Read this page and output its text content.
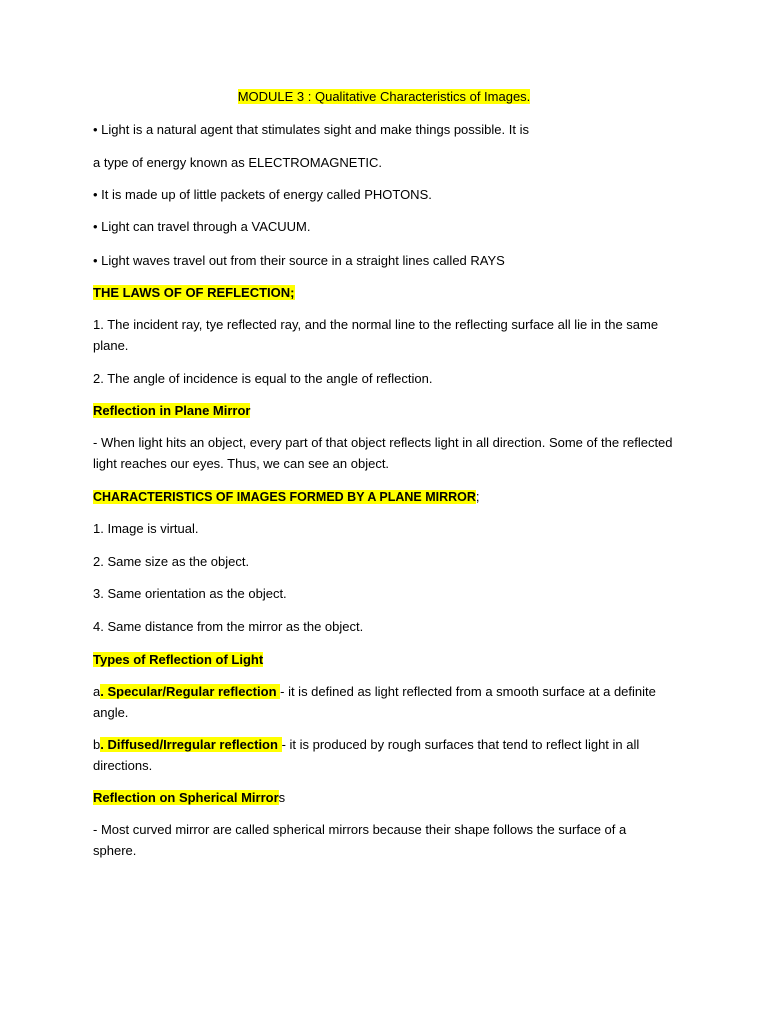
MODULE 3 : Qualitative Characteristics of Images.
• Light is a natural agent that stimulates sight and make things possible. It is
a type of energy known as ELECTROMAGNETIC.
• It is made up of little packets of energy called PHOTONS.
• Light can travel through a VACUUM.
• Light waves travel out from their source in a straight lines called RAYS
THE LAWS OF OF REFLECTION;
1. The incident ray, tye reflected ray, and the normal line to the reflecting surface all lie in the same plane.
2. The angle of incidence is equal to the angle of reflection.
Reflection in Plane Mirror
- When light hits an object, every part of that object reflects light in all direction. Some of the reflected light reaches our eyes. Thus, we can see an object.
CHARACTERISTICS OF IMAGES FORMED BY A PLANE MIRROR;
1. Image is virtual.
2. Same size as the object.
3. Same orientation as the object.
4. Same distance from the mirror as the object.
Types of Reflection of Light
a. Specular/Regular reflection - it is defined as light reflected from a smooth surface at a definite angle.
b. Diffused/Irregular reflection - it is produced by rough surfaces that tend to reflect light in all directions.
Reflection on Spherical Mirrors
- Most curved mirror are called spherical mirrors because their shape follows the surface of a sphere.
